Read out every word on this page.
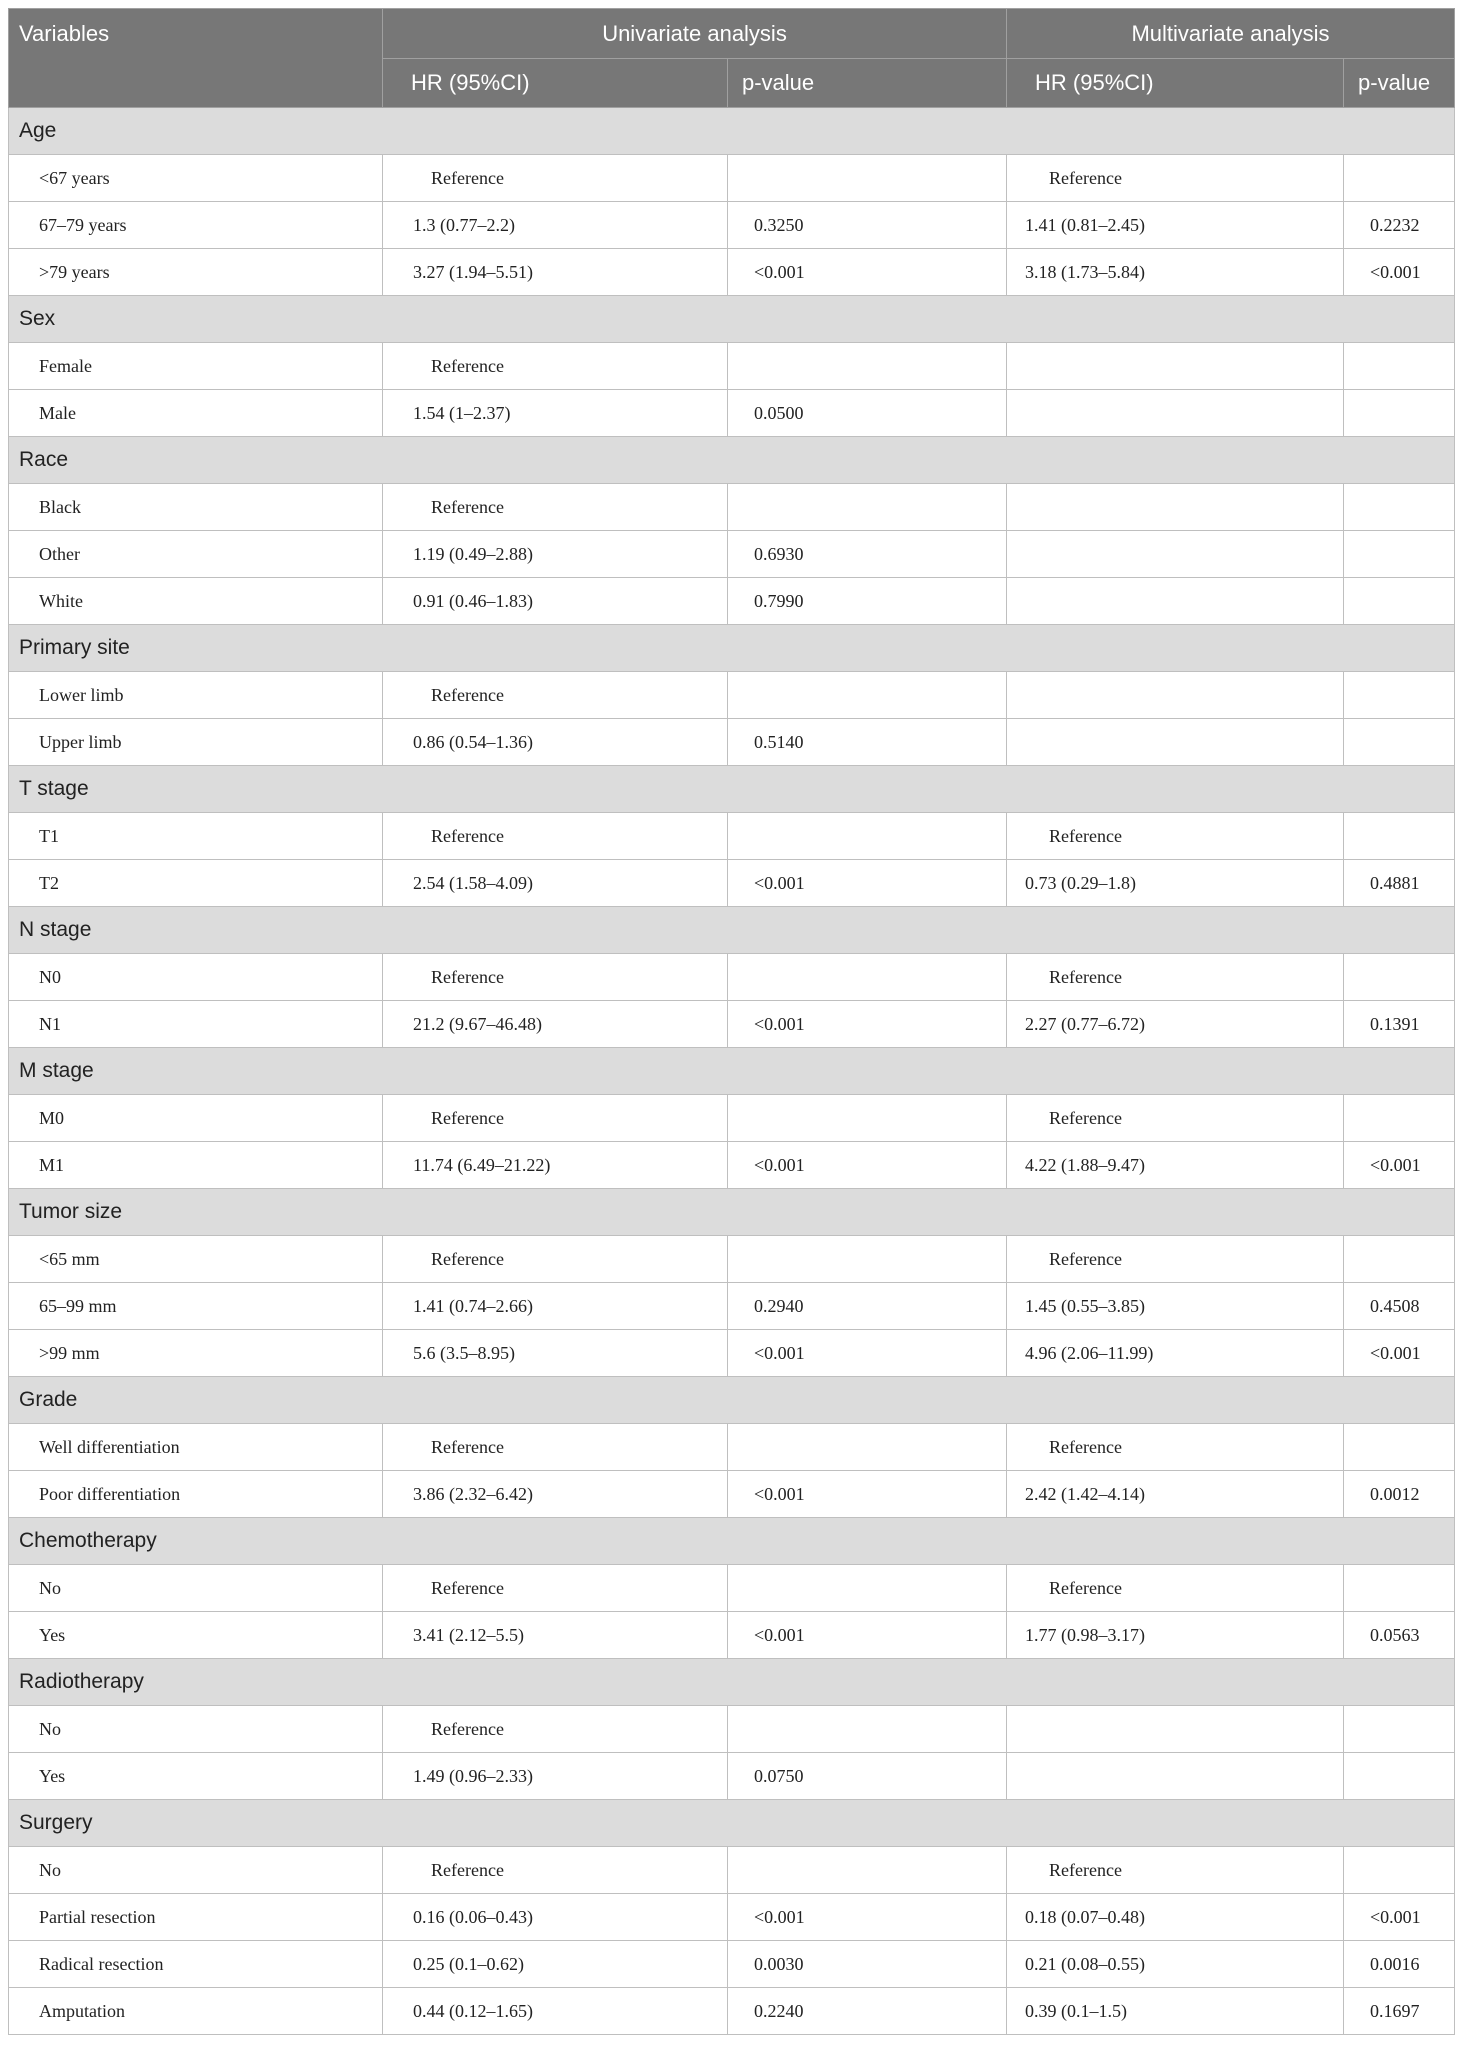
Variables	Univariate analysis		Multivariate analysis	
	HR (95%CI)	p-value	HR (95%CI)	p-value
Age				
<67 years	Reference		Reference	
67–79 years	1.3 (0.77–2.2)	0.3250	1.41 (0.81–2.45)	0.2232
>79 years	3.27 (1.94–5.51)	<0.001	3.18 (1.73–5.84)	<0.001
Sex				
Female	Reference			
Male	1.54 (1–2.37)	0.0500		
Race				
Black	Reference			
Other	1.19 (0.49–2.88)	0.6930		
White	0.91 (0.46–1.83)	0.7990		
Primary site				
Lower limb	Reference			
Upper limb	0.86 (0.54–1.36)	0.5140		
T stage				
T1	Reference		Reference	
T2	2.54 (1.58–4.09)	<0.001	0.73 (0.29–1.8)	0.4881
N stage				
N0	Reference		Reference	
N1	21.2 (9.67–46.48)	<0.001	2.27 (0.77–6.72)	0.1391
M stage				
M0	Reference		Reference	
M1	11.74 (6.49–21.22)	<0.001	4.22 (1.88–9.47)	<0.001
Tumor size				
<65 mm	Reference		Reference	
65–99 mm	1.41 (0.74–2.66)	0.2940	1.45 (0.55–3.85)	0.4508
>99 mm	5.6 (3.5–8.95)	<0.001	4.96 (2.06–11.99)	<0.001
Grade				
Well differentiation	Reference		Reference	
Poor differentiation	3.86 (2.32–6.42)	<0.001	2.42 (1.42–4.14)	0.0012
Chemotherapy				
No	Reference		Reference	
Yes	3.41 (2.12–5.5)	<0.001	1.77 (0.98–3.17)	0.0563
Radiotherapy				
No	Reference			
Yes	1.49 (0.96–2.33)	0.0750		
Surgery				
No	Reference		Reference	
Partial resection	0.16 (0.06–0.43)	<0.001	0.18 (0.07–0.48)	<0.001
Radical resection	0.25 (0.1–0.62)	0.0030	0.21 (0.08–0.55)	0.0016
Amputation	0.44 (0.12–1.65)	0.2240	0.39 (0.1–1.5)	0.1697
